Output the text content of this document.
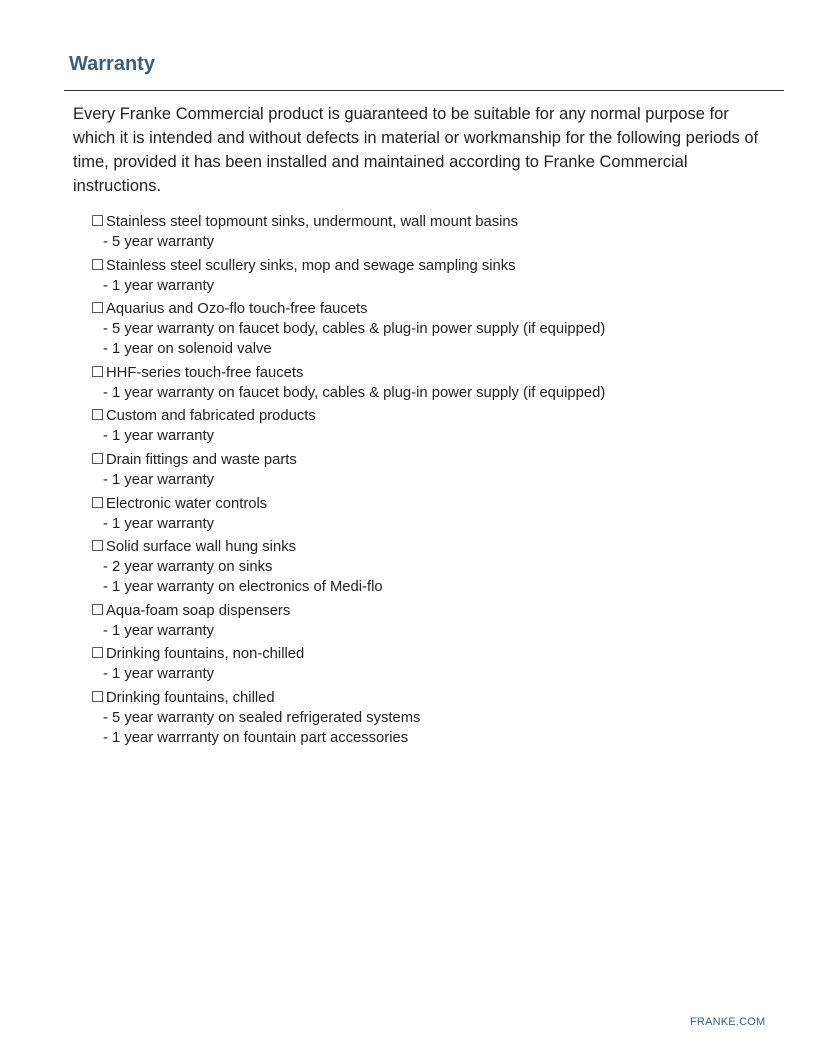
Warranty

Every Franke Commercial product is guaranteed to be suitable for any normal purpose for which it is intended and without defects in material or workmanship for the following periods of time, provided it has been installed and maintained according to Franke Commercial instructions.

☐ Stainless steel topmount sinks, undermount, wall mount basins
- 5 year warranty
☐ Stainless steel scullery sinks, mop and sewage sampling sinks
- 1 year warranty
☐ Aquarius and Ozo-flo touch-free faucets
- 5 year warranty on faucet body, cables & plug-in power supply (if equipped)
- 1 year on solenoid valve
☐ HHF-series touch-free faucets
- 1 year warranty on faucet body, cables & plug-in power supply (if equipped)
☐ Custom and fabricated products
- 1 year warranty
☐ Drain fittings and waste parts
- 1 year warranty
☐ Electronic water controls
- 1 year warranty
☐ Solid surface wall hung sinks
- 2 year warranty on sinks
- 1 year warranty on electronics of Medi-flo
☐ Aqua-foam soap dispensers
- 1 year warranty
☐ Drinking fountains, non-chilled
- 1 year warranty
☐ Drinking fountains, chilled
- 5 year warranty on sealed refrigerated systems
- 1 year warrranty on fountain part accessories
FRANKE.COM
